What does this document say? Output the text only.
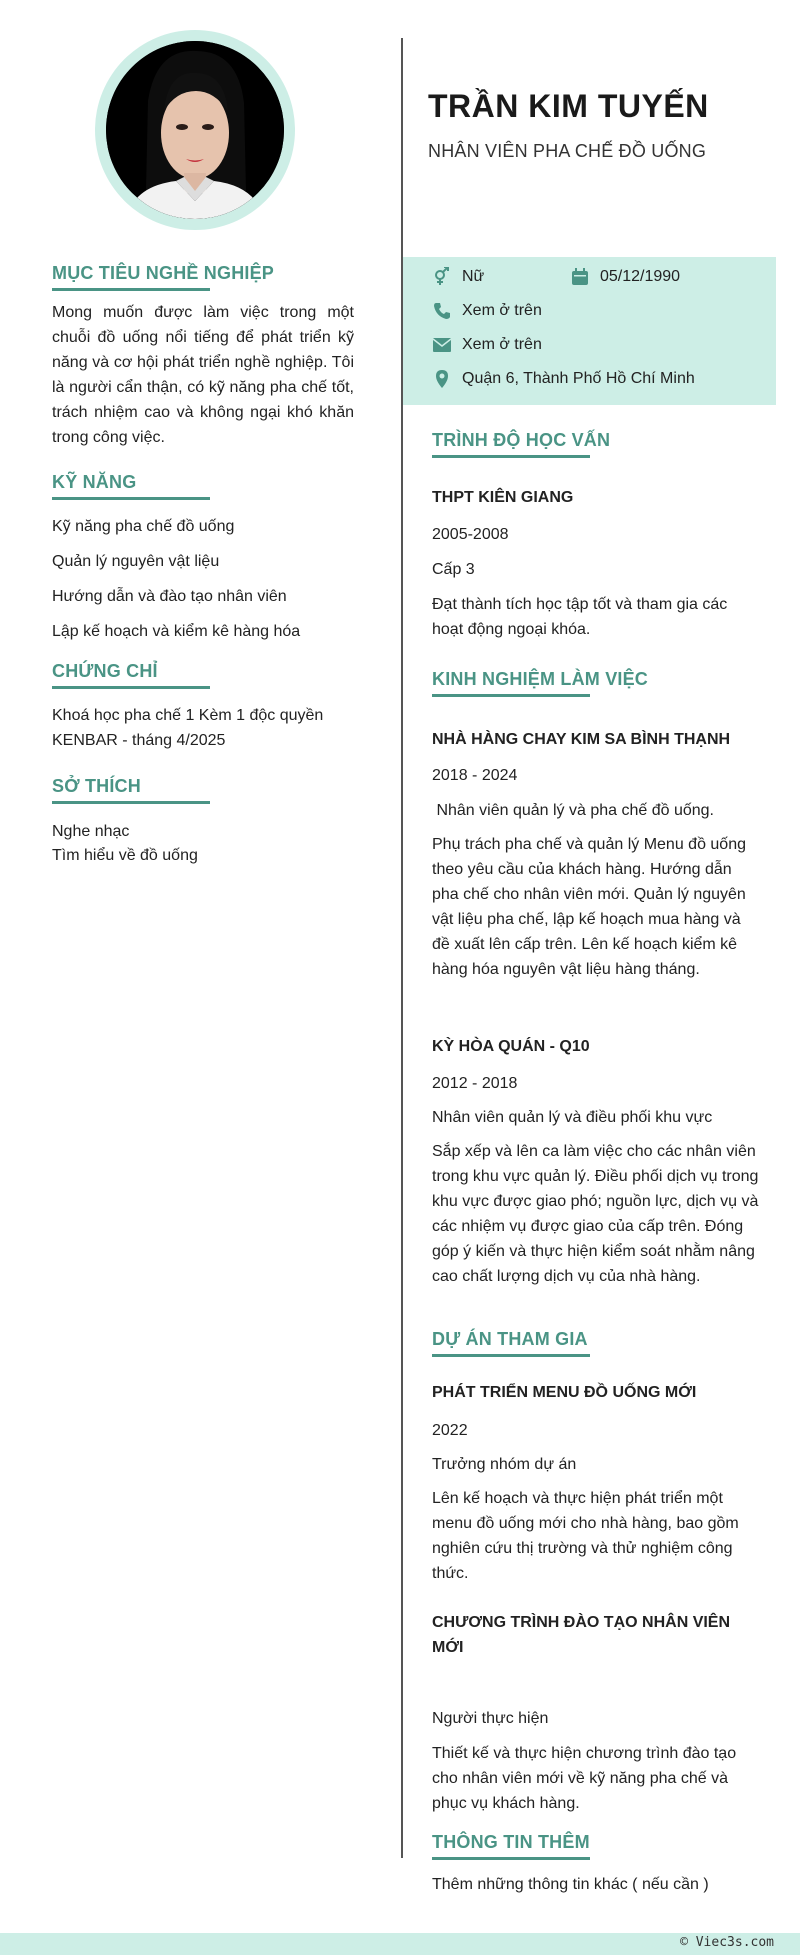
MỤC TIÊU NGHỀ NGHIỆP
Mong muốn được làm việc trong một chuỗi đồ uống nổi tiếng để phát triển kỹ năng và cơ hội phát triển nghề nghiệp. Tôi là người cẩn thận, có kỹ năng pha chế tốt, trách nhiệm cao và không ngại khó khăn trong công việc.
KỸ NĂNG
Kỹ năng pha chế đồ uống
Quản lý nguyên vật liệu
Hướng dẫn và đào tạo nhân viên
Lập kế hoạch và kiểm kê hàng hóa
CHỨNG CHỈ
Khoá học pha chế 1 Kèm 1 độc quyền KENBAR - tháng 4/2025
SỞ THÍCH
Nghe nhạc
Tìm hiểu về đồ uống
TRẦN KIM TUYẾN
NHÂN VIÊN PHA CHẾ ĐỒ UỐNG
Nữ	05/12/1990
Xem ở trên
Xem ở trên
Quận 6, Thành Phố Hồ Chí Minh
TRÌNH ĐỘ HỌC VẤN
THPT KIÊN GIANG
2005-2008
Cấp 3
Đạt thành tích học tập tốt và tham gia các hoạt động ngoại khóa.
KINH NGHIỆM LÀM VIỆC
NHÀ HÀNG CHAY KIM SA BÌNH THẠNH
2018 - 2024
Nhân viên quản lý và pha chế đồ uống.
Phụ trách pha chế và quản lý Menu đồ uống theo yêu cầu của khách hàng. Hướng dẫn pha chế cho nhân viên mới. Quản lý nguyên vật liệu pha chế, lập kế hoạch mua hàng và đề xuất lên cấp trên. Lên kế hoạch kiểm kê hàng hóa nguyên vật liệu hàng tháng.
KỲ HÒA QUÁN - Q10
2012 - 2018
Nhân viên quản lý và điều phối khu vực
Sắp xếp và lên ca làm việc cho các nhân viên trong khu vực quản lý. Điều phối dịch vụ trong khu vực được giao phó; nguồn lực, dịch vụ và các nhiệm vụ được giao của cấp trên. Đóng góp ý kiến và thực hiện kiểm soát nhằm nâng cao chất lượng dịch vụ của nhà hàng.
DỰ ÁN THAM GIA
PHÁT TRIỂN MENU ĐỒ UỐNG MỚI
2022
Trưởng nhóm dự án
Lên kế hoạch và thực hiện phát triển một menu đồ uống mới cho nhà hàng, bao gồm nghiên cứu thị trường và thử nghiệm công thức.
CHƯƠNG TRÌNH ĐÀO TẠO NHÂN VIÊN MỚI
Người thực hiện
Thiết kế và thực hiện chương trình đào tạo cho nhân viên mới về kỹ năng pha chế và phục vụ khách hàng.
THÔNG TIN THÊM
Thêm những thông tin khác ( nếu cần )
© Viec3s.com
